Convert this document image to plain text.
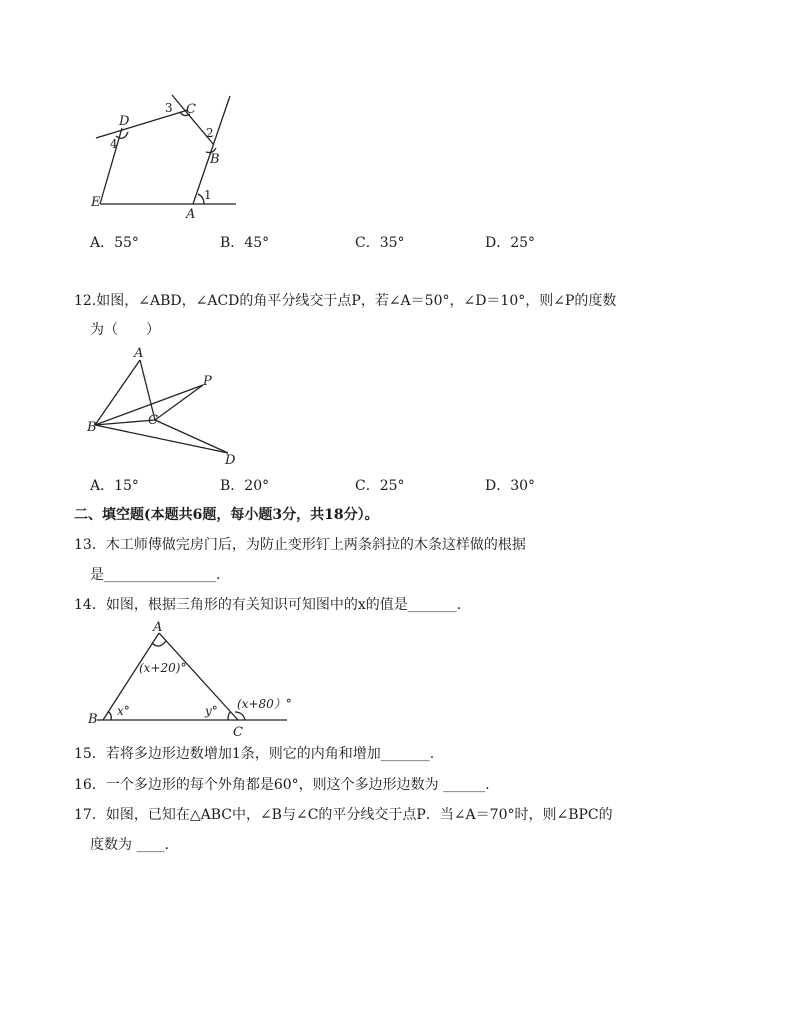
D
C
3
2
B
4
1
E
A
A．55°	B．45°	C．35°	D．25°
12.如图，∠ABD，∠ACD的角平分线交于点P，若∠A＝50°，∠D＝10°，则∠P的度数
为（　　）
A
P
B	C
D
A．15°	B．20°	C．25°	D．30°
二、填空题(本题共6题，每小题3分，共18分）。
13．木工师傅做完房门后，为防止变形钉上两条斜拉的木条这样做的根据
是________________.
14．如图，根据三角形的有关知识可知图中的x的值是_______.
A
(x+20)°
x°	y° (x+80）°
B
C
15．若将多边形边数增加1条，则它的内角和增加_______.
16．一个多边形的每个外角都是60°，则这个多边形边数为 ______.
17．如图，已知在△ABC中，∠B与∠C的平分线交于点P．当∠A＝70°时，则∠BPC的
度数为 ____.
